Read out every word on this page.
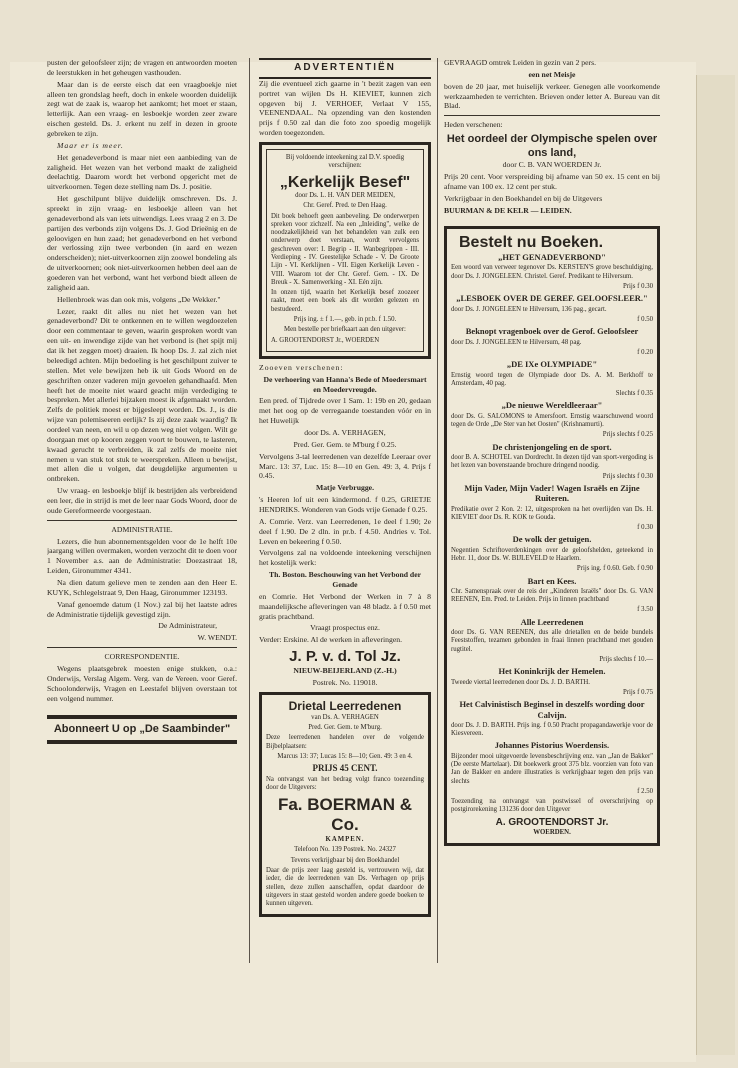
pusten der geloofsleer zijn; de vragen en antwoorden moeten de leerstukken in het geheugen vasthouden.

Maar dan is de eerste eisch dat een vraagboekje niet alleen ten grondslag heeft, doch in enkele woorden duidelijk zegt wat de zaak is, waarop het aankomt; het moet er staan, letterlijk. Aan een vraag- en lesboekje worden zeer zware eischen gesteld. Ds. J. erkent nu zelf in dezen in groote gebreken te zijn.

Maar er is meer.

Het genadeverbond is maar niet een aanbieding van de zaligheid. Het wezen van het verbond maakt de zaligheid deelachtig. Daarom wordt het verbond opgericht met de uitverkoornen. Tegen deze stelling nam Ds. J. positie.

Het geschilpunt blijve duidelijk omschreven. Ds. J. spreekt in zijn vraag- en lesboekje alleen van het genadeverbond als van iets uitwendigs. Lees vraag 2 en 3. De partijen des verbonds zijn volgens Ds. J. God Drieënig en de geloovigen en hun zaad; het genadeverbond en het verbond der verlossing zijn twee verbonden (in aard en wezen onderscheiden); niet-uitverkoornen zijn zoowel bondeling als de uitverkoornen; ook niet-uitverkoornen hebben deel aan de goederen van het verbond, want het verbond biedt alleen de zaligheid aan.

Hellenbroek was dan ook mis, volgens „De Wekker."

Lezer, raakt dit alles nu niet het wezen van het genadeverbond? Dit te ontkennen en te willen wegdoezelen door een commentaar te geven, waarin gesproken wordt van een uit- en inwendige zijde van het verbond is (het spijt mij dat ik het zeggen moet) draaien. Ik hoop Ds. J. zal zich niet beleedigd achten. Mijn bedoeling is het geschilpunt zuiver te stellen. Met vele bewijzen heb ik uit Gods Woord en de geschriften onzer vaderen mijn gevoelen gehandhaafd. Men heeft het de moeite niet waard geacht mijn verdediging te bespreken. Met allerlei bijzaken moest ik afgemaakt worden. Zelfs de politiek moest er bijgesleept worden. Ds. J., is die wijze van polemiseeren eerlijk? Is zij deze zaak waardig? Ik oordeel van neen, en wil u op dezen weg niet volgen. Wilt ge doorgaan met op kooren zeggen voort te bouwen, te lasteren, kwaad gerucht te verbreiden, ik zal zelfs de moeite niet nemen u van stuk tot stuk te weerspreken. Alleen u bewijst, met allen die u volgen, dat deugdelijke argumenten u ontbreken.

Uw vraag- en lesboekje blijf ik bestrijden als verbreidend een leer, die in strijd is met de leer naar Gods Woord, door de oude Gereformeerde voorgestaan.

ADMINISTRATIE.

Lezers, die hun abonnementsgelden voor de 1e helft 10e jaargang willen overmaken, worden verzocht dit te doen voor 1 November a.s. aan de Administratie: Doezastraat 18, Leiden, Gironummer 4341.

Na dien datum gelieve men te zenden aan den Heer E. KUYK, Schlegelstraat 9, Den Haag, Gironummer 123193.

Vanaf genoemde datum (1 Nov.) zal bij het laatste adres de Administratie tijdelijk gevestigd zijn.

De Administrateur,

W. WENDT.

CORRESPONDENTIE.

Wegens plaatsgebrek moesten enige stukken, o.a.: Onderwijs, Verslag Algem. Verg. van de Vereen. voor Geref. Schoolonderwijs, Vragen en Leestafel blijven overstaan tot een volgend nummer.

Abonneert U op „De Saambinder"
ADVERTENTIËN

Zij die eventueel zich gaarne in 't bezit zagen van een portret van wijlen Ds H. KIEVIET, kunnen zich opgeven bij J. VERHOEF, Verlaat V 155, VEENENDAAL. Na opzending van den kostenden prijs f 0.50 zal dan die foto zoo spoedig mogelijk worden toegezonden.

Bij voldoende inteekening zal D.V. spoedig verschijnen:

„Kerkelijk Besef"

door Ds. L. H. VAN DER MEIDEN,

Chr. Geref. Pred. te Den Haag.

Dit boek behoeft geen aanbeveling. De onderwerpen spreken voor zichzelf. Na een „Inleiding", welke de noodzakelijkheid van het behandelen van zulk een onderwerp doet verstaan, wordt vervolgens geschreven over: I. Begrip - II. Wanbegrippen - III. Verdieping - IV. Geestelijke Schade - V. De Groote Lijn - VI. Kerklijnen - VII. Eigen Kerkelijk Leven - VIII. Waarom tot der Chr. Geref. Gem. - IX. De Breuk - X. Samenwerking - XI. Eén zijn.

In onzen tijd, waarin het Kerkelijk besef zoozeer raakt, moet een boek als dit worden gelezen en bestudeerd.

Prijs ing. ± f 1.—, geb. in pr.b. f 1.50.

Men bestelle per briefkaart aan den uitgever:

A. GROOTENDORST Jr., WOERDEN

Zooeven verschenen:

De verhoering van Hanna's Bede of Moedersmart en Moedervreugde.

Een pred. of Tijdrede over 1 Sam. 1: 19b en 20, gedaan met het oog op de verregaande toestanden vóór en in het Huwelijk

door Ds. A. VERHAGEN,

Pred. Ger. Gem. te M'burg f 0.25.

Vervolgens 3-tal leerredenen van dezelfde Leeraar over Marc. 13: 37, Luc. 15: 8—10 en Gen. 49: 3, 4. Prijs f 0.45.

Matje Verbrugge.

's Heeren lof uit een kindermond. f 0.25, GRIETJE HENDRIKS. Wonderen van Gods vrije Genade f 0.25.

A. Comrie. Verz. van Leerredenen, 1e deel f 1.90; 2e deel f 1.90. De 2 dln. in pr.b. f 4.50. Andries v. Tol. Leven en bekeering f 0.50.

Vervolgens zal na voldoende inteekening verschijnen het kostelijk werk:

Th. Boston. Beschouwing van het Verbond der Genade

en Comrie. Het Verbond der Werken in 7 à 8 maandelijksche afleveringen van 48 bladz. à f 0.50 met gratis prachtband.

Vraagt prospectus enz.

Verder: Erskine. Al de werken in afleveringen.

J. P. v. d. Tol Jz.

NIEUW-BEIJERLAND (Z.-H.)

Postrek. No. 119018.

Drietal Leerredenen

van Ds. A. VERHAGEN

Pred. Ger. Gem. te M'burg.

Deze leerredenen handelen over de volgende Bijbelplaatsen:

Marcus 13: 37; Lucas 15: 8—10; Gen. 49: 3 en 4.

PRIJS 45 CENT.

Na ontvangst van het bedrag volgt franco toezending door de Uitgevers:

Fa. BOERMAN & Co.

KAMPEN.

Telefoon No. 139 Postrek. No. 24327

Tevens verkrijgbaar bij den Boekhandel

Daar de prijs zeer laag gesteld is, vertrouwen wij, dat ieder, die de leerredenen van Ds. Verhagen op prijs stellen, deze zullen aanschaffen, opdat daardoor de uitgevers in staat gesteld worden andere goede boeken te kunnen uitgeven.

GEVRAAGD omtrek Leiden in gezin van 2 pers.

een net Meisje

boven de 20 jaar, met huiselijk verkeer. Genegen alle voorkomende werkzaamheden te verrichten. Brieven onder letter A. Bureau van dit Blad.

Heden verschenen:

Het oordeel der Olympische spelen over ons land,

door C. B. VAN WOERDEN Jr.

Prijs 20 cent. Voor verspreiding bij afname van 50 ex. 15 cent en bij afname van 100 ex. 12 cent per stuk.

Verkrijgbaar in den Boekhandel en bij de Uitgevers

BUURMAN & DE KELR — LEIDEN.

Bestelt nu Boeken.

„HET GENADEVERBOND"

Een woord van verweer tegenover Ds. KERSTEN'S grove beschuldiging, door Ds. J. JONGELEEN. Christel. Geref. Predikant te Hilversum.

Prijs f 0.30

„LESBOEK OVER DE GEREF. GELOOFSLEER."

door Ds. J. JONGELEEN te Hilversum, 136 pag., gecart.

f 0.50

Beknopt vragenboek over de Gerof. Geloofsleer

door Ds. J. JONGELEEN te Hilversum, 48 pag.

f 0.20

„DE IXe OLYMPIADE"

Ernstig woord tegen de Olympiade door Ds. A. M. Berkhoff te Amsterdam, 40 pag.

Slechts f 0.35

„De nieuwe Wereldleeraar"

door Ds. G. SALOMONS te Amersfoort. Ernstig waarschuwend woord tegen de Orde „De Ster van het Oosten" (Krishnamurti).

Prijs slechts f 0.25

De christenjongeling en de sport.

door B. A. SCHOTEL van Dordrecht. In dezen tijd van sport-vergoding is het lezen van bovenstaande brochure dringend noodig.

Prijs slechts f 0.30

Mijn Vader, Mijn Vader! Wagen Israëls en Zijne Ruiteren.

Predikatie over 2 Kon. 2: 12, uitgesproken na het overlijden van Ds. H. KIEVIET door Ds. R. KOK te Gouda.

f 0.30

De wolk der getuigen.

Negentien Schriftoverdenkingen over de geloofshelden, geteekend in Hebr. 11, door Ds. W. BIJLEVELD te Haarlem.

Prijs ing. f 0.60. Geb. f 0.90

Bart en Kees.

Chr. Samenspraak over de reis der „Kinderen Israëls" door Ds. G. VAN REENEN, Em. Pred. te Leiden. Prijs in linnen prachtband

f 3.50

Alle Leerredenen

door Ds. G. VAN REENEN, dus alle drietallen en de beide bundels Feeststoffen, tezamen gebonden in fraai linnen prachtband met gouden rugtitel.

Prijs slechts f 10.—

Het Koninkrijk der Hemelen.

Tweede viertal leerredenen door Ds. J. D. BARTH.

Prijs f 0.75

Het Calvinistisch Beginsel in deszelfs wording door Calvijn.

door Ds. J. D. BARTH. Prijs ing. f 0.50 Pracht propagandawerkje voor de Kiesvereen.

Johannes Pistorius Woerdensis.

Bijzonder mooi uitgevoerde levensbeschrijving enz. van „Jan de Bakker" (De eerste Martelaar). Dit boekwerk groot 375 blz. voorzien van foto van Jan de Bakker en andere illustraties is verkrijgbaar tegen den prijs van slechts

f 2.50

Toezending na ontvangst van postwissel of overschrijving op postgirorekening 131236 door den Uitgever

A. GROOTENDORST Jr.

WOERDEN.
